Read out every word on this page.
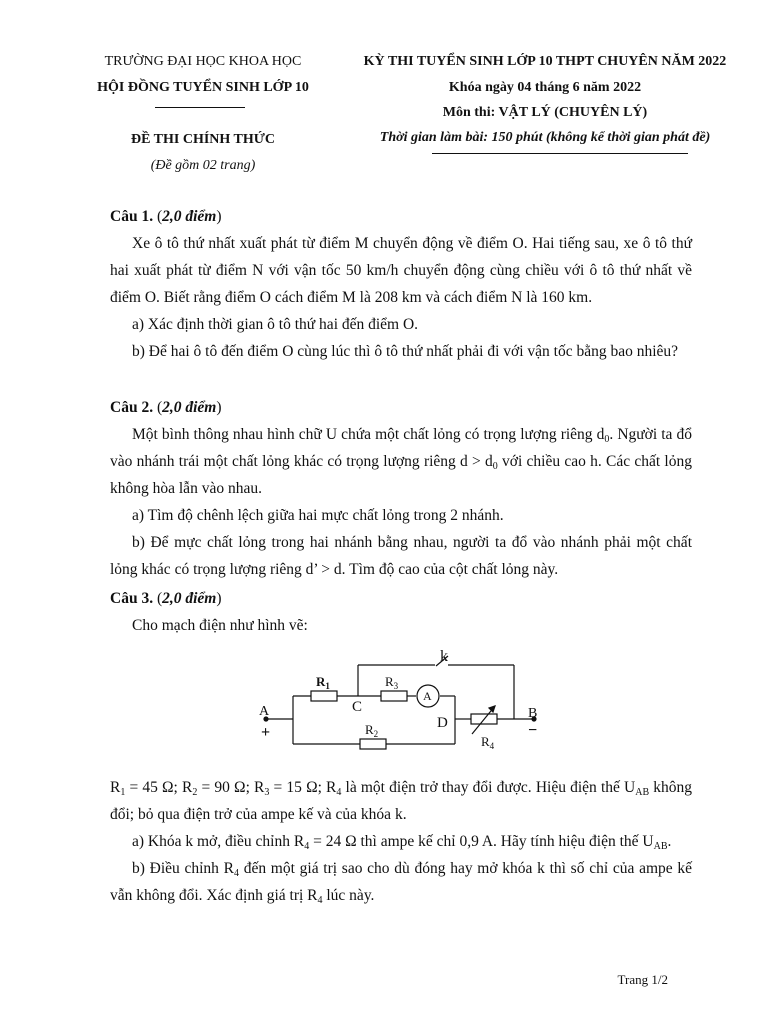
TRƯỜNG ĐẠI HỌC KHOA HỌC
HỘI ĐỒNG TUYỂN SINH LỚP 10
ĐỀ THI CHÍNH THỨC
(Đề gồm 02 trang)
KỲ THI TUYỂN SINH LỚP 10 THPT CHUYÊN NĂM 2022
Khóa ngày 04 tháng 6 năm 2022
Môn thi: VẬT LÝ (CHUYÊN LÝ)
Thời gian làm bài: 150 phút (không kể thời gian phát đề)

Câu 1. (2,0 điểm)

Xe ô tô thứ nhất xuất phát từ điểm M chuyển động về điểm O. Hai tiếng sau, xe ô tô thứ hai xuất phát từ điểm N với vận tốc 50 km/h chuyển động cùng chiều với ô tô thứ nhất về điểm O. Biết rằng điểm O cách điểm M là 208 km và cách điểm N là 160 km.

a) Xác định thời gian ô tô thứ hai đến điểm O.

b) Để hai ô tô đến điểm O cùng lúc thì ô tô thứ nhất phải đi với vận tốc bằng bao nhiêu?

Câu 2. (2,0 điểm)

Một bình thông nhau hình chữ U chứa một chất lỏng có trọng lượng riêng $d_0$. Người ta đổ vào nhánh trái một chất lỏng khác có trọng lượng riêng $d > d_0$ với chiều cao h. Các chất lỏng không hòa lẫn vào nhau.

a) Tìm độ chênh lệch giữa hai mực chất lỏng trong 2 nhánh.

b) Để mực chất lỏng trong hai nhánh bằng nhau, người ta đổ vào nhánh phải một chất lỏng khác có trọng lượng riêng d’ > d. Tìm độ cao của cột chất lỏng này.

Câu 3. (2,0 điểm)

Cho mạch điện như hình vẽ:

k
$R_1$	$R_3$
$R_2$	$R_4$
A
C
D
A	B
+	−

$R_1 = 45$ Ω; $R_2 = 90$ Ω; $R_3 = 15$ Ω; $R_4$ là một điện trở thay đổi được. Hiệu điện thế $U_{AB}$ không đổi; bỏ qua điện trở của ampe kế và của khóa k.

a) Khóa k mở, điều chỉnh $R_4 = 24$ Ω thì ampe kế chỉ 0,9 A. Hãy tính hiệu điện thế $U_{AB}$.

b) Điều chỉnh $R_4$ đến một giá trị sao cho dù đóng hay mở khóa k thì số chỉ của ampe kế vẫn không đổi. Xác định giá trị $R_4$ lúc này.

Trang 1/2
